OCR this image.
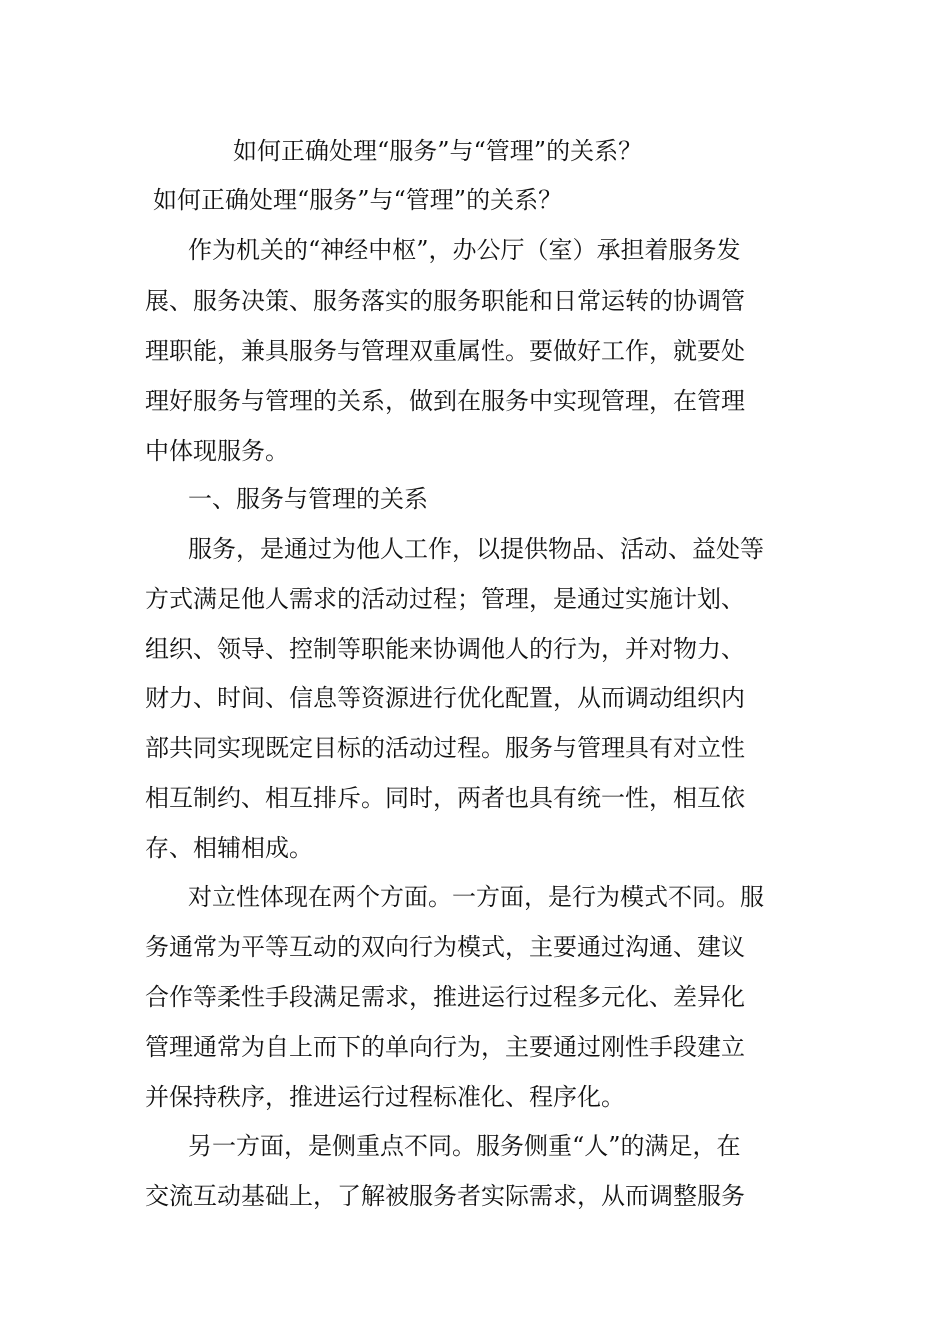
如何正确处理“服务”与“管理”的关系？
如何正确处理“服务”与“管理”的关系？
作为机关的“神经中枢”，办公厅（室）承担着服务发
展、服务决策、服务落实的服务职能和日常运转的协调管
理职能，兼具服务与管理双重属性。要做好工作，就要处
理好服务与管理的关系，做到在服务中实现管理，在管理
中体现服务。
一、服务与管理的关系
服务，是通过为他人工作，以提供物品、活动、益处等
方式满足他人需求的活动过程；管理，是通过实施计划、
组织、领导、控制等职能来协调他人的行为，并对物力、
财力、时间、信息等资源进行优化配置，从而调动组织内
部共同实现既定目标的活动过程。服务与管理具有对立性
相互制约、相互排斥。同时，两者也具有统一性，相互依
存、相辅相成。
对立性体现在两个方面。一方面，是行为模式不同。服
务通常为平等互动的双向行为模式，主要通过沟通、建议
合作等柔性手段满足需求，推进运行过程多元化、差异化
管理通常为自上而下的单向行为，主要通过刚性手段建立
并保持秩序，推进运行过程标准化、程序化。
另一方面，是侧重点不同。服务侧重“人”的满足，在
交流互动基础上，了解被服务者实际需求，从而调整服务
